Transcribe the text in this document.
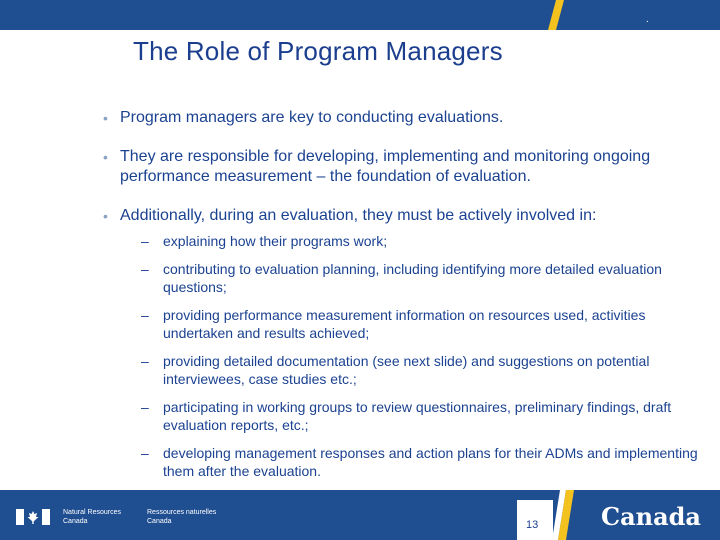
.
The Role of Program Managers
• Program managers are key to conducting evaluations.
• They are responsible for developing, implementing and monitoring ongoing performance measurement – the foundation of evaluation.
• Additionally, during an evaluation, they must be actively involved in:
– explaining how their programs work;
– contributing to evaluation planning, including identifying more detailed evaluation questions;
– providing performance measurement information on resources used, activities undertaken and results achieved;
– providing detailed documentation (see next slide) and suggestions on potential interviewees, case studies etc.;
– participating in working groups to review questionnaires, preliminary findings, draft evaluation reports, etc.;
– developing management responses and action plans for their ADMs and implementing them after the evaluation.
Natural Resources
Canada
Ressources naturelles
Canada	13	Canada
